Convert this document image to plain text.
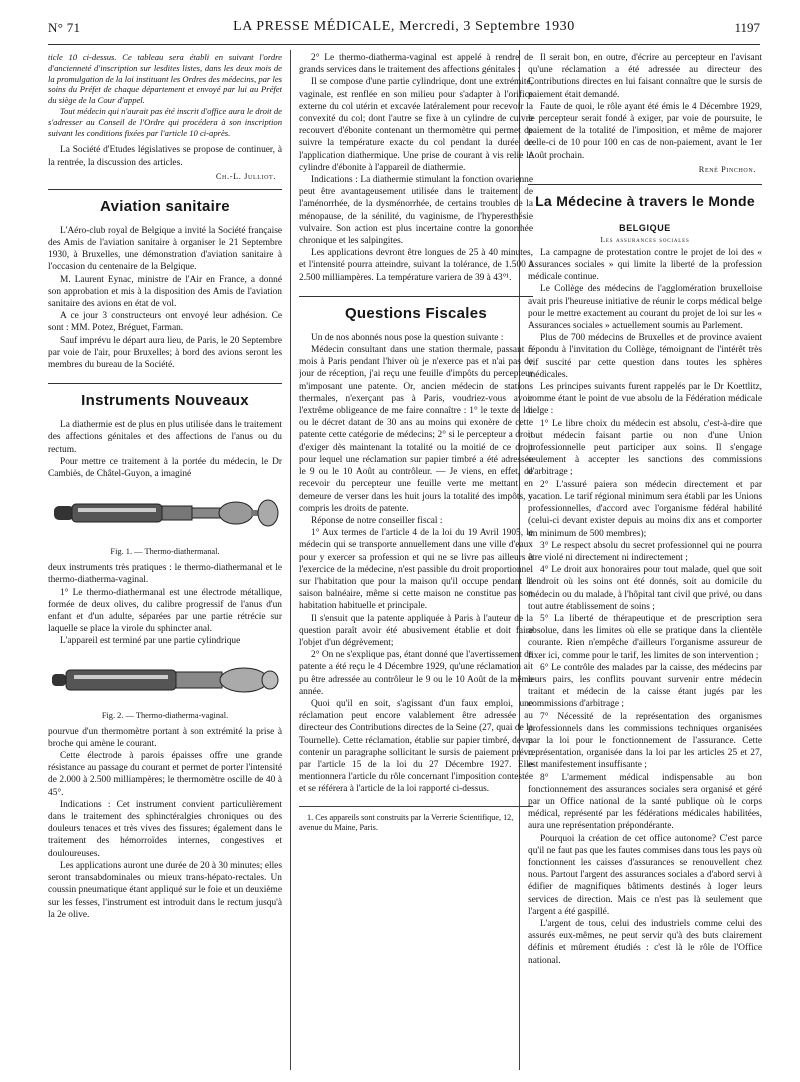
N° 71	LA PRESSE MÉDICALE, Mercredi, 3 Septembre 1930	1197

ticle 10 ci-dessus. Ce tableau sera établi en suivant l'ordre d'ancienneté d'inscription sur lesdites listes, dans les deux mois de la promulgation de la loi instituant les Ordres des médecins, par les soins du Préfet de chaque département et envoyé par lui au Préfet du siège de la Cour d'appel.

Tout médecin qui n'aurait pas été inscrit d'office aura le droit de s'adresser au Conseil de l'Ordre qui procédera à son inscription suivant les conditions fixées par l'article 10 ci-après.

La Société d'Etudes législatives se propose de continuer, à la rentrée, la discussion des articles.

Ch.-L. Julliot.
Aviation sanitaire

L'Aéro-club royal de Belgique a invité la Société française des Amis de l'aviation sanitaire à organiser le 21 Septembre 1930, à Bruxelles, une démonstration d'aviation sanitaire à l'occasion du centenaire de la Belgique.

M. Laurent Eynac, ministre de l'Air en France, a donné son approbation et mis à la disposition des Amis de l'aviation sanitaire des avions en état de vol.

A ce jour 3 constructeurs ont envoyé leur adhésion. Ce sont : MM. Potez, Bréguet, Farman.

Sauf imprévu le départ aura lieu, de Paris, le 20 Septembre par voie de l'air, pour Bruxelles; à bord des avions seront les membres du bureau de la Société.

Instruments Nouveaux

La diathermie est de plus en plus utilisée dans le traitement des affections génitales et des affections de l'anus ou du rectum.

Pour mettre ce traitement à la portée du médecin, le Dr Cambiès, de Châtel-Guyon, a imaginé

Fig. 1. — Thermo-diathermanal.

deux instruments très pratiques : le thermo-diathermanal et le thermo-diatherma-vaginal.

1° Le thermo-diathermanal est une électrode métallique, formée de deux olives, du calibre progressif de l'anus d'un enfant et d'un adulte, séparées par une partie rétrécie sur laquelle se place la virole du sphincter anal.

L'appareil est terminé par une partie cylindrique

Fig. 2. — Thermo-diatherma-vaginal.

pourvue d'un thermomètre portant à son extrémité la prise à broche qui amène le courant.

Cette électrode à parois épaisses offre une grande résistance au passage du courant et permet de porter l'intensité de 2.000 à 2.500 milliampères; le thermomètre oscille de 40 à 45°.

Indications : Cet instrument convient particulièrement dans le traitement des sphinctéralgies chroniques ou des douleurs tenaces et très vives des fissures; également dans le traitement des hémorroïdes internes, congestives et douloureuses.

Les applications auront une durée de 20 à 30 minutes; elles seront transabdominales ou mieux trans-hépato-rectales. Un coussin pneumatique étant appliqué sur le foie et un deuxième sur les fesses, l'instrument est introduit dans le rectum jusqu'à la 2e olive.

2° Le thermo-diatherma-vaginal est appelé à rendre de grands services dans le traitement des affections génitales :

Il se compose d'une partie cylindrique, dont une extrémité, vaginale, est renflée en son milieu pour s'adapter à l'orifice externe du col utérin et excavée latéralement pour recevoir la convexité du col; dont l'autre se fixe à un cylindre de cuivre recouvert d'ébonite contenant un thermomètre qui permet de suivre la température exacte du col pendant la durée de l'application diathermique. Une prise de courant à vis relie le cylindre d'ébonite à l'appareil de diathermie.

Indications : La diathermie stimulant la fonction ovarienne peut être avantageusement utilisée dans le traitement de l'aménorrhée, de la dysménorrhée, de certains troubles de la ménopause, de la sénilité, du vaginisme, de l'hyperesthésie vulvaire. Son action est plus incertaine contre la gonorrhée chronique et les salpingites.

Les applications devront être longues de 25 à 40 minutes, et l'intensité pourra atteindre, suivant la tolérance, de 1.500 à 2.500 milliampères. La température variera de 39 à 43°¹.

Questions Fiscales

Un de nos abonnés nous pose la question suivante :

Médecin consultant dans une station thermale, passant 5 mois à Paris pendant l'hiver où je n'exerce pas et n'ai pas de jour de réception, j'ai reçu une feuille d'impôts du percepteur m'imposant une patente. Or, ancien médecin de stations thermales, n'exerçant pas à Paris, voudriez-vous avoir l'extrême obligeance de me faire connaître : 1° le texte de loi ou le décret datant de 30 ans au moins qui exonère de cette patente cette catégorie de médecins; 2° si le percepteur a droit d'exiger dès maintenant la totalité ou la moitié de ce droit pour lequel une réclamation sur papier timbré a été adressée le 9 ou le 10 Août au contrôleur. — Je viens, en effet, de recevoir du percepteur une feuille verte me mettant en demeure de verser dans les huit jours la totalité des impôts, y compris les droits de patente.

Réponse de notre conseiller fiscal :

1° Aux termes de l'article 4 de la loi du 19 Avril 1905, le médecin qui se transporte annuellement dans une ville d'eaux pour y exercer sa profession et qui ne se livre pas ailleurs à l'exercice de la médecine, n'est passible du droit proportionnel sur l'habitation que pour la maison qu'il occupe pendant la saison balnéaire, même si cette maison ne constitue pas son habitation habituelle et principale.

Il s'ensuit que la patente appliquée à Paris à l'auteur de la question paraît avoir été abusivement établie et doit faire l'objet d'un dégrèvement;

2° On ne s'explique pas, étant donné que l'avertissement de patente a été reçu le 4 Décembre 1929, qu'une réclamation ait pu être adressée au contrôleur le 9 ou le 10 Août de la même année.

Quoi qu'il en soit, s'agissant d'un faux emploi, une réclamation peut encore valablement être adressée au directeur des Contributions directes de la Seine (27, quai de la Tournelle). Cette réclamation, établie sur papier timbré, devra contenir un paragraphe sollicitant le sursis de paiement prévu par l'article 15 de la loi du 27 Décembre 1927. Elle mentionnera l'article du rôle concernant l'imposition contestée et se référera à l'article de la loi rapporté ci-dessus.

1. Ces appareils sont construits par la Verrerie Scientifique, 12, avenue du Maine, Paris.

Il serait bon, en outre, d'écrire au percepteur en l'avisant qu'une réclamation a été adressée au directeur des Contributions directes en lui faisant connaître que le sursis de paiement était demandé.

Faute de quoi, le rôle ayant été émis le 4 Décembre 1929, le percepteur serait fondé à exiger, par voie de poursuite, le paiement de la totalité de l'imposition, et même de majorer celle-ci de 10 pour 100 en cas de non-paiement, avant le 1er Août prochain.

René Pinchon.
La Médecine à travers le Monde
BELGIQUE
Les assurances sociales

La campagne de protestation contre le projet de loi des « Assurances sociales » qui limite la liberté de la profession médicale continue.

Le Collège des médecins de l'agglomération bruxelloise avait pris l'heureuse initiative de réunir le corps médical belge pour le mettre exactement au courant du projet de loi sur les « Assurances sociales » actuellement soumis au Parlement.

Plus de 700 médecins de Bruxelles et de province avaient répondu à l'invitation du Collège, témoignant de l'intérêt très vif suscité par cette question dans toutes les sphères médicales.

Les principes suivants furent rappelés par le Dr Koettlitz, comme étant le point de vue absolu de la Fédération médicale belge :

1° Le libre choix du médecin est absolu, c'est-à-dire que tout médecin faisant partie ou non d'une Union professionnelle peut participer aux soins. Il s'engage seulement à accepter les sanctions des commissions d'arbitrage ;

2° L'assuré paiera son médecin directement et par vacation. Le tarif régional minimum sera établi par les Unions professionnelles, d'accord avec l'organisme fédéral habilité (celui-ci devant exister depuis au moins dix ans et comporter un minimum de 500 membres);

3° Le respect absolu du secret professionnel qui ne pourra être violé ni directement ni indirectement ;

4° Le droit aux honoraires pour tout malade, quel que soit l'endroit où les soins ont été donnés, soit au domicile du médecin ou du malade, à l'hôpital tant civil que privé, ou dans tout autre établissement de soins ;

5° La liberté de thérapeutique et de prescription sera absolue, dans les limites où elle se pratique dans la clientèle courante. Rien n'empêche d'ailleurs l'organisme assureur de fixer ici, comme pour le tarif, les limites de son intervention ;

6° Le contrôle des malades par la caisse, des médecins par leurs pairs, les conflits pouvant survenir entre médecin traitant et médecin de la caisse étant jugés par les commissions d'arbitrage ;

7° Nécessité de la représentation des organismes professionnels dans les commissions techniques organisées par la loi pour le fonctionnement de l'assurance. Cette représentation, organisée dans la loi par les articles 25 et 27, est manifestement insuffisante ;

8° L'armement médical indispensable au bon fonctionnement des assurances sociales sera organisé et géré par un Office national de la santé publique où le corps médical, représenté par les fédérations médicales habilitées, aura une représentation prépondérante.

Pourquoi la création de cet office autonome? C'est parce qu'il ne faut pas que les fautes commises dans tous les pays où fonctionnent les caisses d'assurances se renouvellent chez nous. Partout l'argent des assurances sociales a d'abord servi à édifier de magnifiques bâtiments destinés à loger leurs services de direction. Mais ce n'est pas là seulement que l'argent a été gaspillé.

L'argent de tous, celui des industriels comme celui des assurés eux-mêmes, ne peut servir qu'à des buts clairement définis et mûrement étudiés : c'est là le rôle de l'Office national.
